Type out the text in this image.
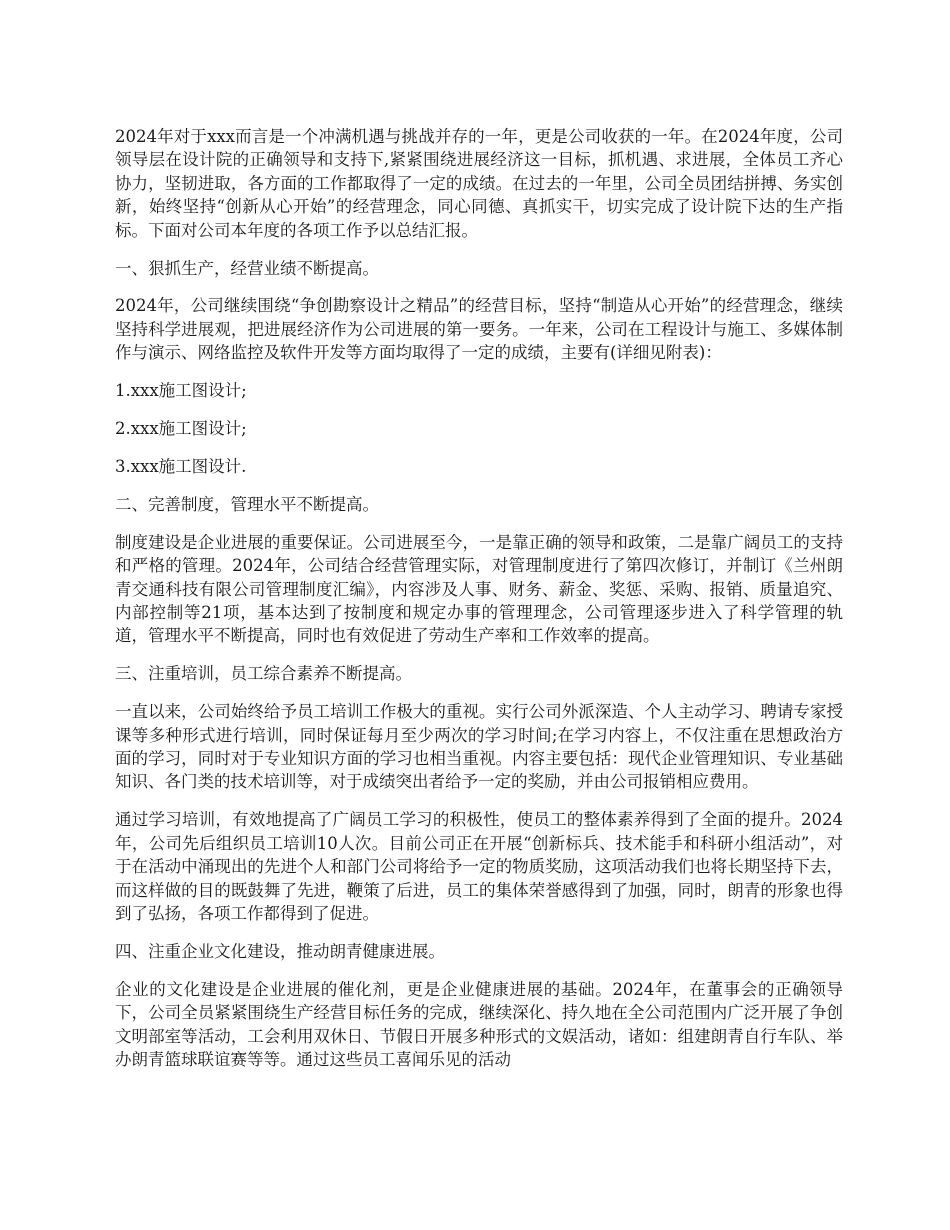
2024年对于xxx而言是一个冲满机遇与挑战并存的一年，更是公司收获的一年。在2024年度，公司领导层在设计院的正确领导和支持下,紧紧围绕进展经济这一目标，抓机遇、求进展，全体员工齐心协力，坚韧进取，各方面的工作都取得了一定的成绩。在过去的一年里，公司全员团结拼搏、务实创新，始终坚持“创新从心开始”的经营理念，同心同德、真抓实干，切实完成了设计院下达的生产指标。下面对公司本年度的各项工作予以总结汇报。

一、狠抓生产，经营业绩不断提高。

2024年，公司继续围绕“争创勘察设计之精品”的经营目标，坚持“制造从心开始”的经营理念，继续坚持科学进展观，把进展经济作为公司进展的第一要务。一年来，公司在工程设计与施工、多媒体制作与演示、网络监控及软件开发等方面均取得了一定的成绩，主要有(详细见附表)：

1.xxx施工图设计;

2.xxx施工图设计;

3.xxx施工图设计.

二、完善制度，管理水平不断提高。

制度建设是企业进展的重要保证。公司进展至今，一是靠正确的领导和政策，二是靠广阔员工的支持和严格的管理。2024年，公司结合经营管理实际，对管理制度进行了第四次修订，并制订《兰州朗青交通科技有限公司管理制度汇编》，内容涉及人事、财务、薪金、奖惩、采购、报销、质量追究、内部控制等21项，基本达到了按制度和规定办事的管理理念，公司管理逐步进入了科学管理的轨道，管理水平不断提高，同时也有效促进了劳动生产率和工作效率的提高。

三、注重培训，员工综合素养不断提高。

一直以来，公司始终给予员工培训工作极大的重视。实行公司外派深造、个人主动学习、聘请专家授课等多种形式进行培训，同时保证每月至少两次的学习时间;在学习内容上，不仅注重在思想政治方面的学习，同时对于专业知识方面的学习也相当重视。内容主要包括：现代企业管理知识、专业基础知识、各门类的技术培训等，对于成绩突出者给予一定的奖励，并由公司报销相应费用。

通过学习培训，有效地提高了广阔员工学习的积极性，使员工的整体素养得到了全面的提升。2024年，公司先后组织员工培训10人次。目前公司正在开展“创新标兵、技术能手和科研小组活动”，对于在活动中涌现出的先进个人和部门公司将给予一定的物质奖励，这项活动我们也将长期坚持下去，而这样做的目的既鼓舞了先进，鞭策了后进，员工的集体荣誉感得到了加强，同时，朗青的形象也得到了弘扬，各项工作都得到了促进。

四、注重企业文化建设，推动朗青健康进展。

企业的文化建设是企业进展的催化剂，更是企业健康进展的基础。2024年，在董事会的正确领导下，公司全员紧紧围绕生产经营目标任务的完成，继续深化、持久地在全公司范围内广泛开展了争创文明部室等活动，工会利用双休日、节假日开展多种形式的文娱活动，诸如：组建朗青自行车队、举办朗青篮球联谊赛等等。通过这些员工喜闻乐见的活动
